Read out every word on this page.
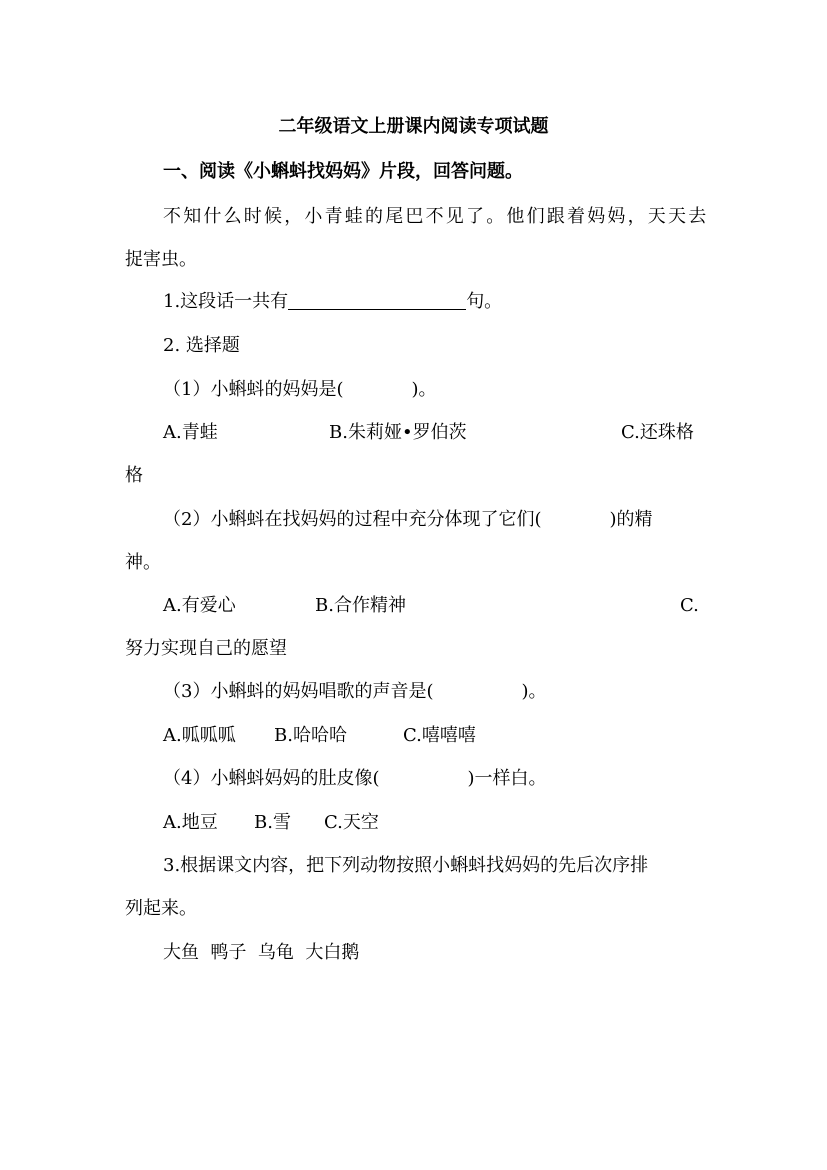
二年级语文上册课内阅读专项试题
一、阅读《小蝌蚪找妈妈》片段，回答问题。
不知什么时候，小青蛙的尾巴不见了。他们跟着妈妈，天天去
捉害虫。
1.这段话一共有	句。
2. 选择题
（1）小蝌蚪的妈妈是(	)。
A.青蛙	B.朱莉娅•罗伯茨	C.还珠格
格
（2）小蝌蚪在找妈妈的过程中充分体现了它们(	)的精
神。
A.有爱心	B.合作精神	C.
努力实现自己的愿望
（3）小蝌蚪的妈妈唱歌的声音是(	)。
A.呱呱呱 B.哈哈哈	C.嘻嘻嘻
（4）小蝌蚪妈妈的肚皮像(	)一样白。
A.地豆 B.雪 C.天空
3.根据课文内容，把下列动物按照小蝌蚪找妈妈的先后次序排
列起来。
大鱼  鸭子  乌龟  大白鹅
